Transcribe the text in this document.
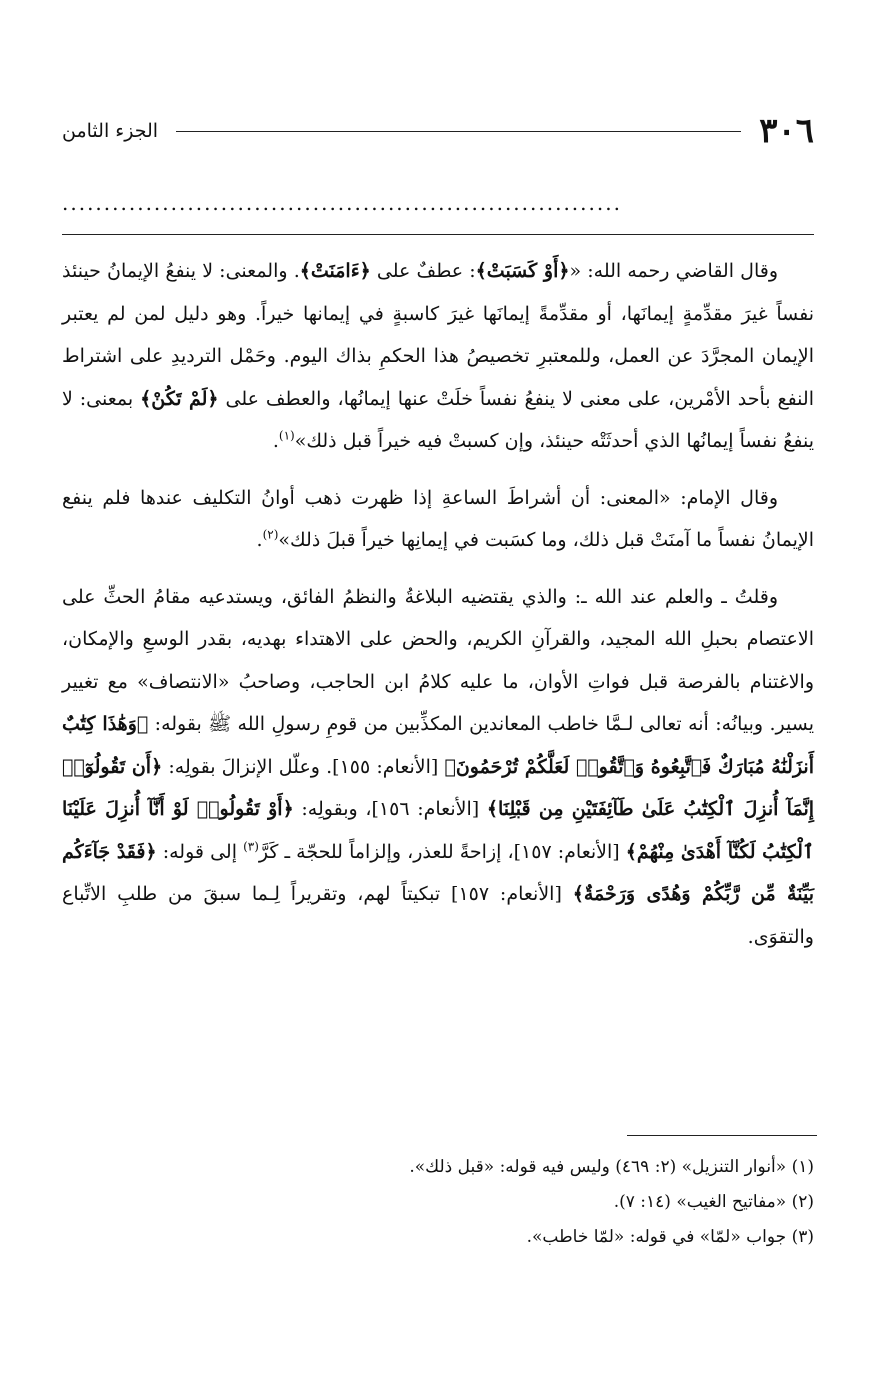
٣٠٦
الجزء الثامن
...................................................................

وقال القاضي رحمه الله: «﴿أَوْ كَسَبَتْ﴾: عطفٌ على ﴿ءَامَنَتْ﴾. والمعنى: لا ينفعُ الإيمانُ حينئذ نفساً غيرَ مقدِّمةٍ إيمانَها، أو مقدِّمةً إيمانَها غيرَ كاسبةٍ في إيمانها خيراً. وهو دليل لمن لم يعتبر الإيمان المجرَّدَ عن العمل، وللمعتبرِ تخصيصُ هذا الحكمِ بذاك اليوم. وحَمْل الترديدِ على اشتراط النفع بأحد الأمْرين، على معنى لا ينفعُ نفساً خلَتْ عنها إيمانُها، والعطف على ﴿لَمْ تَكُنْ﴾ بمعنى: لا ينفعُ نفساً إيمانُها الذي أحدثَتْه حينئذ، وإن كسبتْ فيه خيراً قبل ذلك»$^{(١)}$.

وقال الإمام: «المعنى: أن أشراطَ الساعةِ إذا ظهرت ذهب أوانُ التكليف عندها فلم ينفع الإيمانُ نفساً ما آمنَتْ قبل ذلك، وما كسَبت في إيمانِها خيراً قبلَ ذلك»$^{(٢)}$.

وقلتُ ـ والعلم عند الله ـ: والذي يقتضيه البلاغةُ والنظمُ الفائق، ويستدعيه مقامُ الحثِّ على الاعتصام بحبلِ الله المجيد، والقرآنِ الكريم، والحض على الاهتداء بهديه، بقدر الوسعِ والإمكان، والاغتنام بالفرصة قبل فواتِ الأوان، ما عليه كلامُ ابن الحاجب، وصاحبُ «الانتصاف» مع تغيير يسير. وبيانُه: أنه تعالى لـمَّا خاطب المعاندين المكذِّبين من قومِ رسولِ الله ﷺ بقوله: ﴿وَهَٰذَا كِتَٰبٌ أَنزَلْنَٰهُ مُبَارَكٌ فَٱتَّبِعُوهُ وَٱتَّقُوا۟ لَعَلَّكُمْ تُرْحَمُونَ﴾ [الأنعام: ١٥٥]. وعلّل الإنزالَ بقولِه: ﴿أَن تَقُولُوٓا۟ إِنَّمَآ أُنزِلَ ٱلْكِتَٰبُ عَلَىٰ طَآئِفَتَيْنِ مِن قَبْلِنَا﴾ [الأنعام: ١٥٦]، وبقولِه: ﴿أَوْ تَقُولُوا۟ لَوْ أَنَّآ أُنزِلَ عَلَيْنَا ٱلْكِتَٰبُ لَكُنَّآ أَهْدَىٰ مِنْهُمْ﴾ [الأنعام: ١٥٧]، إزاحةً للعذر، وإلزاماً للحجّة ـ كَرَّ$^{(٣)}$ إلى قوله: ﴿فَقَدْ جَآءَكُم بَيِّنَةٌ مِّن رَّبِّكُمْ وَهُدًى وَرَحْمَةٌ﴾ [الأنعام: ١٥٧] تبكيتاً لهم، وتقريراً لِـما سبقَ من طلبِ الاتِّباع والتقوَى.

(١) «أنوار التنزيل» (٢: ٤٦٩) وليس فيه قوله: «قبل ذلك».
(٢) «مفاتيح الغيب» (١٤: ٧).
(٣) جواب «لمّا» في قوله: «لمّا خاطب».
